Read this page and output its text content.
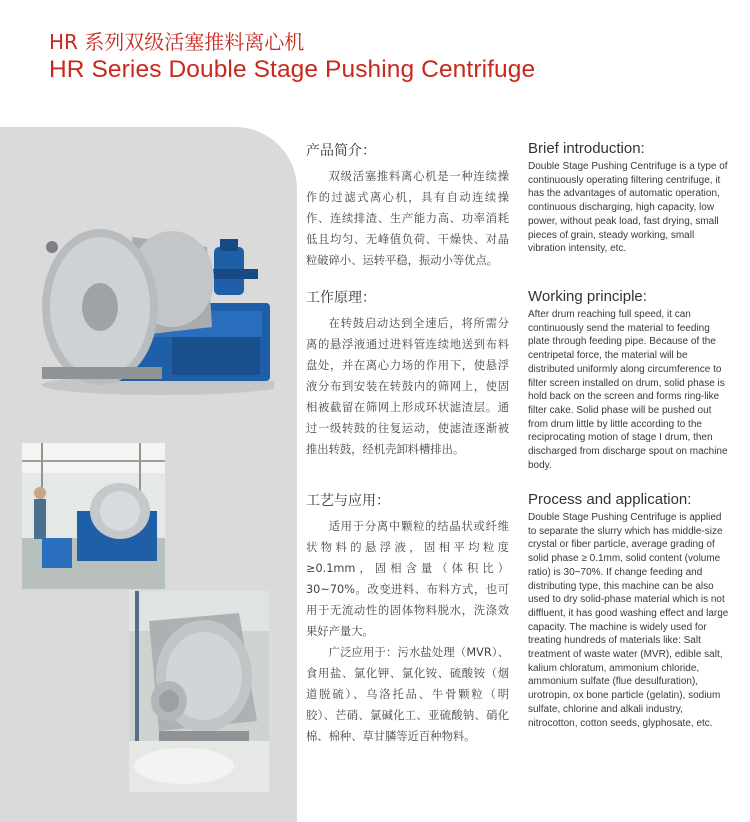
HR 系列双级活塞推料离心机
HR Series Double Stage Pushing Centrifuge
产品简介：

双级活塞推料离心机是一种连续操作的过滤式离心机，具有自动连续操作、连续排渣、生产能力高、功率消耗低且均匀、无峰值负荷、干燥快、对晶粒破碎小、运转平稳，振动小等优点。

工作原理：

在转鼓启动达到全速后，将所需分离的悬浮液通过进料管连续地送到布料盘处，并在离心力场的作用下，使悬浮液分布到安装在转鼓内的筛网上，使固相被截留在筛网上形成环状滤渣层。通过一级转鼓的往复运动，使滤渣逐渐被推出转鼓，经机壳卸料槽排出。

工艺与应用：

适用于分离中颗粒的结晶状或纤维状物料的悬浮液，固相平均粒度≥0.1mm，固相含量（体积比）30~70%。改变进料、布料方式，也可用于无流动性的固体物料脱水，洗涤效果好产量大。

广泛应用于：污水盐处理（MVR）、食用盐、氯化钾、氯化铵、硫酸铵（烟道脱硫）、乌洛托品、牛骨颗粒（明胶）、芒硝、氯碱化工、亚硫酸钠、硝化棉、棉种、草甘膦等近百种物料。

Brief introduction:

Double Stage Pushing Centrifuge is a type of continuously operating filtering centrifuge, it has the advantages of automatic operation, continuous discharging, high capacity, low power, without peak load, fast drying, small pieces of grain, steady working, small vibration intensity, etc.

Working principle:

After drum reaching full speed, it can continuously send the material to feeding plate through feeding pipe. Because of the centripetal force, the material will be distributed uniformly along circumference to filter screen installed on drum, solid phase is hold back on the screen and forms ring-like filter cake. Solid phase will be pushed out from drum little by little according to the reciprocating motion of stage I drum, then discharged from discharge spout on machine body.

Process and application:

Double Stage Pushing Centrifuge is applied to separate the slurry which has middle-size crystal or fiber particle, average grading of solid phase ≥ 0.1mm, solid content (volume ratio) is 30~70%. If change feeding and distributing type, this machine can be also used to dry solid-phase material which is not diffluent, it has good washing effect and large capacity. The machine is widely used for treating hundreds of materials like: Salt treatment of waste water (MVR), edible salt, kalium chloratum, ammonium chloride, ammonium sulfate (flue desulfuration), urotropin, ox bone particle (gelatin), sodium sulfate, chlorine and alkali industry, nitrocotton, cotton seeds, glyphosate, etc.
